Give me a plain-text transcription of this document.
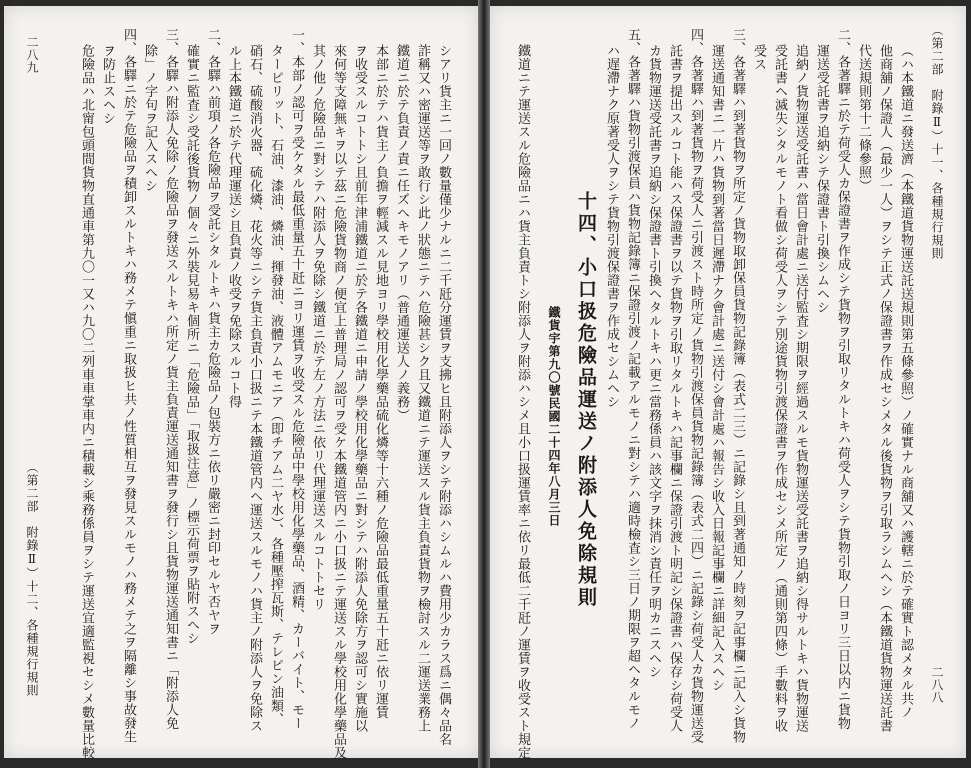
（第二部　附錄Ⅱ）十一、各種規行規則
二八八
（ハ本鐵道ニ發送濟（本鐵道貨物運送託送規則第五條參照）ノ確實ナル商舖又ハ護轄ニ於テ確實ト認メタル共ノ
他商舖ノ保證人（最少一人）ヲシテ正式ノ保證書ヲ作成セシメタル後貨物ヲ引取ラシムヘシ（本鐵道貨物運送託書
代送規則第十二條參照）
二、各著驛ニ於テ荷受人カ保證書ヲ作成シテ貨物ヲ引取リタルトキハ荷受人ヲシテ貨物引取ノ日ヨリ三日以内ニ貨物
運送受託書ヲ追納シテ保證書ト引換シムヘシ
追納ノ貨物運送受託書ハ當日會計處ニ送付監査シ期限ヲ經過スルモ貨物運送受託書ヲ追納シ得サルトキハ貨物運送
受託書ヘ滅失シタルモノト看做シ荷受人ヲシテ別途貨物引渡保證書ヲ作成セシメ所定ノ（通則第四條）手數料ヲ收
受ス
三、各著驛ハ到著貨物ヲ所定ノ貨物取卸保員貨物記錄簿（表式二三）ニ記錄シ且到著通知ノ時刻ヲ記事欄ニ記入シ貨物
運送通知書ニ一片ハ貨物到著當日遲滯ナク會計處ニ送付シ會計處ハ報告シ收入日報記事欄ニ詳細記入スヘシ
四、各著驛ハ到著貨物ヲ荷受人ニ引渡スト時所定ノ貨物引渡保員貨物記錄簿（表式二四）ニ記錄シ荷受人カ貨物運送受
託書ヲ提出スルコト能ハス保證書ヲ以テ貨物ヲ引取リタルトキハ記事欄ニ保證引渡ト明記シ保證書ハ保存シ荷受人
カ貨物運送受託書ヲ追納シ保證書ト引換ヘタルトキハ更ニ當務係員ハ該文字ヲ抹消シ責任ヲ明カニスヘシ
五、各著驛ハ貨物引渡保員ハ貨物記錄簿ニ保證引渡ノ記載アルモノニ對シテハ適時檢査シ三日ノ期限ヲ超ヘタルモノ
ハ遅滯ナク原著受人ヲシテ貨物引渡保證書ヲ作成セシムヘシ
十四、小口扱危險品運送ノ附添人免除規則
鐵貨宇第九〇號民國二十四年八月三日
鐵道ニテ運送スル危險品ニハ貨主負責トシ附添人ヲ附添ハシメ且小口扱運賃率ニ依リ最低二千瓩ノ運賃ヲ收受スト規定
（第二部　附錄Ⅱ）十二、各種規行規則
二八九	シアリ貨主ニ一回ノ數量僅少ナルニ二千瓩分運賃ヲ支拂ヒ且附添人ヲシテ附添ハシムルハ費用少カラス爲ニ偶々品名
詐稱又ハ密運送等ヲ敢行シ此ノ狀態ニテハ危險甚シク且又鐵道ニテ運送スル貨主負責貨物ヲ檢討スル二運送業務上
鐵道ニ於テ負責ノ責ニ任ズヘキモノアリ（普通運送人ノ義務）
本部ニ於テハ貨主ノ負擔ヲ輕減スル見地ヨリ學校用化學藥品硫化燐等十六種ノ危險品最低重量五十瓩ニ依リ運賃
ヲ收受スルコトトシ且前年津浦鐵道ニ於テ各鐵道ニ申請ノ學校用化學藥品ニ對シテハ附添人免除方ヲ認可シ實施以
來何等支障無キヲ以テ茲ニ危險貨物商ノ便宜上普理局ノ認可ヲ受ケ本鐵道管内ニ小口扱ニテ運送スル學校用化學藥品及
其ノ他ノ危險品ニ對シテハ附添人ヲ免除シ鐵道ニ於テ左ノ方法ニ依リ代理運送スルコトトセリ
一、本部ノ認可ヲ受ケタル最低重量五十瓩ニヨリ運賃ヲ收受スル危險品中學校用化學藥品、酒精、カーバイト、モー
ターピリット、石油、漆油、燐油、揮發油、液體アムモニア（即チアム二ヤ水）、各種壓搾瓦斯、テレピン油類、
硝石、硫酸消火器、硫化燐、花火等ニシテ貨主負責小口扱ニテ本鐵道管内ヘ運送スルモノハ貨主ノ附添人ヲ免除ス
ル上本鐵道ニ於テ代理運送シ且負責ノ收受ヲ免除スルコト得
二、各驛ハ前項ノ各危險品ヲ受託シタルトキハ貨主カ危險品ノ包裝方ニ依リ嚴密ニ封印セルヤ否ヤヲ
確實ニ監査シ受託後貨物ノ個々ニ外裝見易キ個所ニ「危險品」「取扱注意」ノ標示荷票ヲ貼附スヘシ
三、各驛ハ附添人免除ノ危險品ヲ發送スルトキハ所定ノ貨主負責運送通知書ヲ發行シ且貨物運送通知書ニ「附添人免
除」ノ字句ヲ記入スヘシ
四、各驛ニ於テ危險品ヲ積卸スルトキハ務メテ愼重ニ取扱ヒ共ノ性質相互ヲ發見スルモノハ務メテ之ヲ隔離シ事故發生
ヲ防止スヘシ
危險品ハ北甯包頭間貨物直通車第九〇一又ハ九〇二列車車掌車内ニ積載シ乘務係員ヲシテ運送宜適監視セシメ數量比較
